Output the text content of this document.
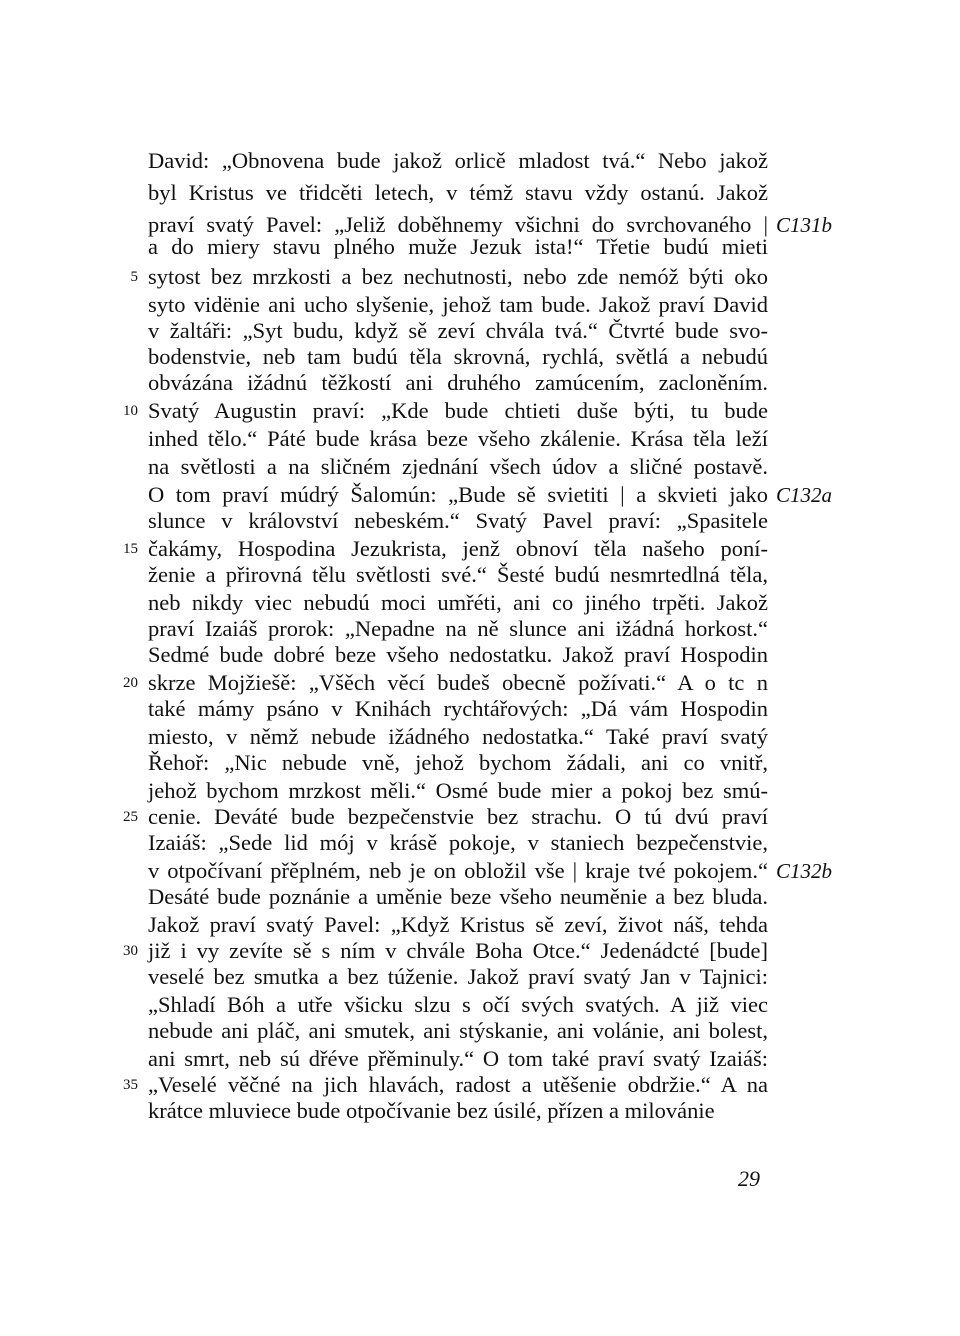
David: „Obnovena bude jakož orlicě mladost tvá.“ Nebo jakož
byl Kristus ve třidcěti letech, v témž stavu vždy ostanú. Jakož
praví svatý Pavel: „Jeliž doběhnemy všichni do svrchovaného |
a do miery stavu plného muže Jezuk ista!“ Třetie budú mieti
sytost bez mrzkosti a bez nechutnosti, nebo zde nemóž býti oko
syto vidënie ani ucho slyšenie, jehož tam bude. Jakož praví David
v žaltáři: „Syt budu, když sě zeví chvála tvá.“ Čtvrté bude svo-
bodenstvie, neb tam budú těla skrovná, rychlá, světlá a nebudú
obvázána ižádnú těžkostí ani druhého zamúcením, zacloněním.
Svatý Augustin praví: „Kde bude chtieti duše býti, tu bude
inhed tělo.“ Páté bude krása beze všeho zkálenie. Krása těla leží
na světlosti a na sličném zjednání všech údov a sličné postavě.
O tom praví múdrý Šalomún: „Bude sě svietiti | a skvieti jako
slunce v království nebeském.“ Svatý Pavel praví: „Spasitele
čakámy, Hospodina Jezukrista, jenž obnoví těla našeho poní-
ženie a přirovná tělu světlosti své.“ Šesté budú nesmrtedlná těla,
neb nikdy viec nebudú moci umřéti, ani co jiného trpěti. Jakož
praví Izaiáš prorok: „Nepadne na ně slunce ani ižádná horkost.“
Sedmé bude dobré beze všeho nedostatku. Jakož praví Hospodin
skrze Mojžiešě: „Všěch věcí budeš obecně požívati.“ A o tc n
také mámy psáno v Knihách rychtářových: „Dá vám Hospodin
miesto, v němž nebude ižádného nedostatka.“ Také praví svatý
Řehoř: „Nic nebude vně, jehož bychom žádali, ani co vnitř,
jehož bychom mrzkost měli.“ Osmé bude mier a pokoj bez smú-
cenie. Deváté bude bezpečenstvie bez strachu. O tú dvú praví
Izaiáš: „Sede lid mój v krásě pokoje, v staniech bezpečenstvie,
v otpočívaní přěplném, neb je on obložil vše | kraje tvé pokojem.“
Desáté bude poznánie a uměnie beze všeho neuměnie a bez bluda.
Jakož praví svatý Pavel: „Když Kristus sě zeví, život náš, tehda
již i vy zevíte sě s ním v chvále Boha Otce.“ Jedenádcté [bude]
veselé bez smutka a bez túženie. Jakož praví svatý Jan v Tajnici:
„Shladí Bóh a utře všicku slzu s očí svých svatých. A již viec
nebude ani pláč, ani smutek, ani stýskanie, ani volánie, ani bolest,
ani smrt, neb sú dřéve přěminuly.“ O tom také praví svatý Izaiáš:
„Veselé věčné na jich hlavách, radost a utěšenie obdržie.“ A na
krátce mluviece bude otpočívanie bez úsilé, přízen a milovánie
5
10
15
20
25
30
35
C131b
C132a
C132b
29
